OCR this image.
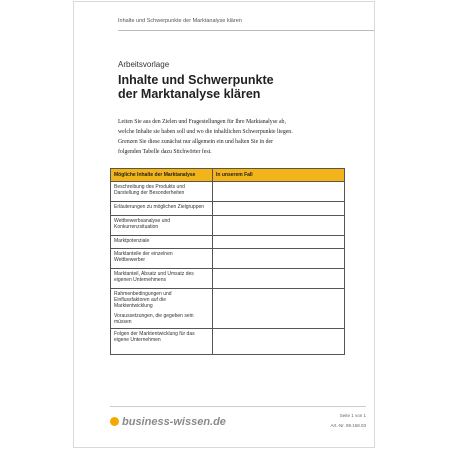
Inhalte und Schwerpunkte der Marktanalyse klären
Arbeitsvorlage
Inhalte und Schwerpunkte
der Marktanalyse klären
Leiten Sie aus den Zielen und Fragestellungen für Ihre Marktanalyse ab,
welche Inhalte sie haben soll und wo die inhaltlichen Schwerpunkte liegen.
Grenzen Sie diese zunächst nur allgemein ein und halten Sie in der
folgenden Tabelle dazu Stichwörter fest.
Mögliche Inhalte der Marktanalyse	In unserem Fall

Beschreibung des Produkts und
Darstellung der Besonderheiten	

Erläuterungen zu möglichen Zielgruppen	

Wettbewerbsanalyse und
Konkurrenzsituation	

Marktpotenziale	

Marktanteile der einzelnen
Wettbewerber	

Marktanteil, Absatz und Umsatz des
eigenen Unternehmens	

Rahmenbedingungen und
Einflussfaktoren auf die
Marktentwicklung

Voraussetzungen, die gegeben sein
müssen	

Folgen der Marktentwicklung für das
eigene Unternehmen	

business-wissen.de
Seite 1 von 1
Art.-Nr. 99.158.03
